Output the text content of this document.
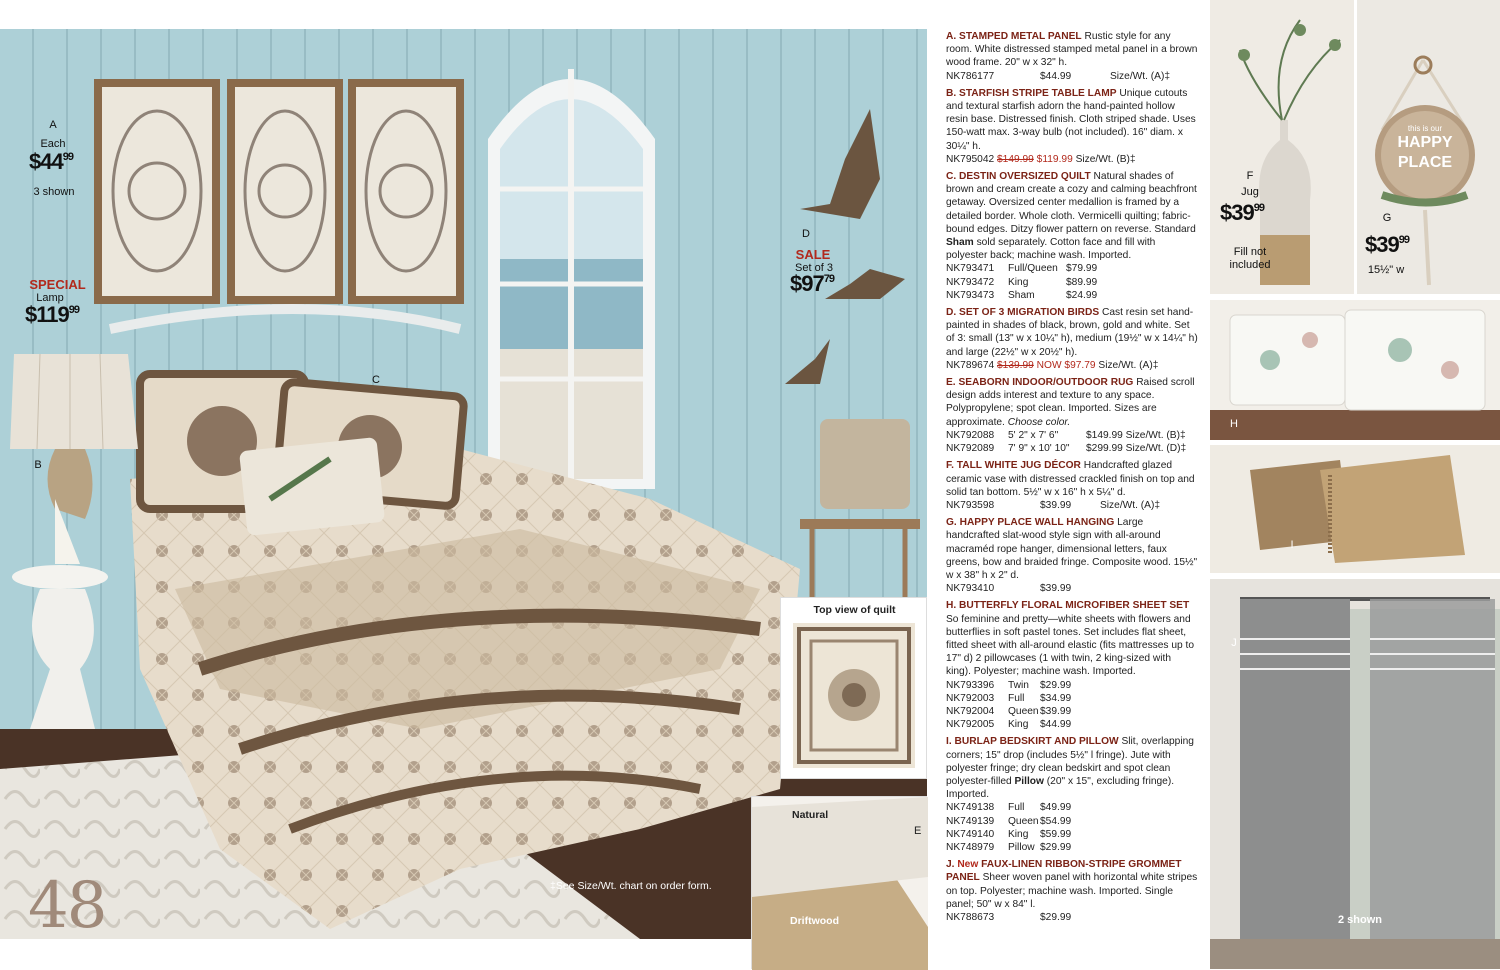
A
Each
$\$44^{99}$
3 shown
SPECIAL
Lamp
$\$119^{99}$
B
C
D
SALE
Set of 3
$\$97^{79}$
‡See Size/Wt. chart on order form.
48
Top view of quilt
Natural
E
Driftwood

A. STAMPED METAL PANEL Rustic style for any room. White distressed stamped metal panel in a brown wood frame. 20" w x 32" h.

NK786177	$44.99	Size/Wt. (A)‡

B. STARFISH STRIPE TABLE LAMP Unique cutouts and textural starfish adorn the hand-painted hollow resin base. Distressed finish. Cloth striped shade. Uses 150-watt max. 3-way bulb (not included). 16" diam. x 30¼" h.
NK795042 $149.99 $119.99 Size/Wt. (B)‡

C. DESTIN OVERSIZED QUILT Natural shades of brown and cream create a cozy and calming beachfront getaway. Oversized center medallion is framed by a detailed border. Whole cloth. Vermicelli quilting; fabric-bound edges. Ditzy flower pattern on reverse. Standard Sham sold separately. Cotton face and fill with polyester back; machine wash. Imported.

NK793471	Full/Queen $79.99
NK793472	King	$89.99
NK793473	Sham	$24.99

D. SET OF 3 MIGRATION BIRDS Cast resin set hand-painted in shades of black, brown, gold and white. Set of 3: small (13" w x 10¼" h), medium (19½" w x 14¼" h) and large (22½" w x 20½" h).
NK789674 $139.99 NOW $97.79 Size/Wt. (A)‡

E. SEABORN INDOOR/OUTDOOR RUG Raised scroll design adds interest and texture to any space. Polypropylene; spot clean. Imported. Sizes are approximate. Choose color.

NK792088	5' 2" x 7' 6"	$149.99 Size/Wt. (B)‡
NK792089	7' 9" x 10' 10"	$299.99 Size/Wt. (D)‡

F. TALL WHITE JUG DÉCOR Handcrafted glazed ceramic vase with distressed crackled finish on top and solid tan bottom. 5½" w x 16" h x 5¼" d.

NK793598	$39.99	Size/Wt. (A)‡

G. HAPPY PLACE WALL HANGING Large handcrafted slat-wood style sign with all-around macraméd rope hanger, dimensional letters, faux greens, bow and braided fringe. Composite wood. 15½" w x 38" h x 2" d.

NK793410	$39.99

H. BUTTERFLY FLORAL MICROFIBER SHEET SET So feminine and pretty—white sheets with flowers and butterflies in soft pastel tones. Set includes flat sheet, fitted sheet with all-around elastic (fits mattresses up to 17" d) 2 pillowcases (1 with twin, 2 king-sized with king). Polyester; machine wash. Imported.

NK793396	Twin	$29.99
NK792003	Full	$34.99
NK792004	Queen $39.99
NK792005	King	$44.99

I. BURLAP BEDSKIRT AND PILLOW Slit, overlapping corners; 15" drop (includes 5½" l fringe). Jute with polyester fringe; dry clean bedskirt and spot clean polyester-filled Pillow (20" x 15", excluding fringe). Imported.

NK749138	Full	$49.99
NK749139	Queen $54.99
NK749140	King	$59.99
NK748979	Pillow $29.99

J. New FAUX-LINEN RIBBON-STRIPE GROMMET PANEL Sheer woven panel with horizontal white stripes on top. Polyester; machine wash. Imported. Single panel; 50" w x 84" l.

NK788673	$29.99

F
Jug
$\$39^{99}$
Fill not
included
this is our
HAPPY
PLACE
G
$\$39^{99}$
15½" w
H
I
J
2 shown
